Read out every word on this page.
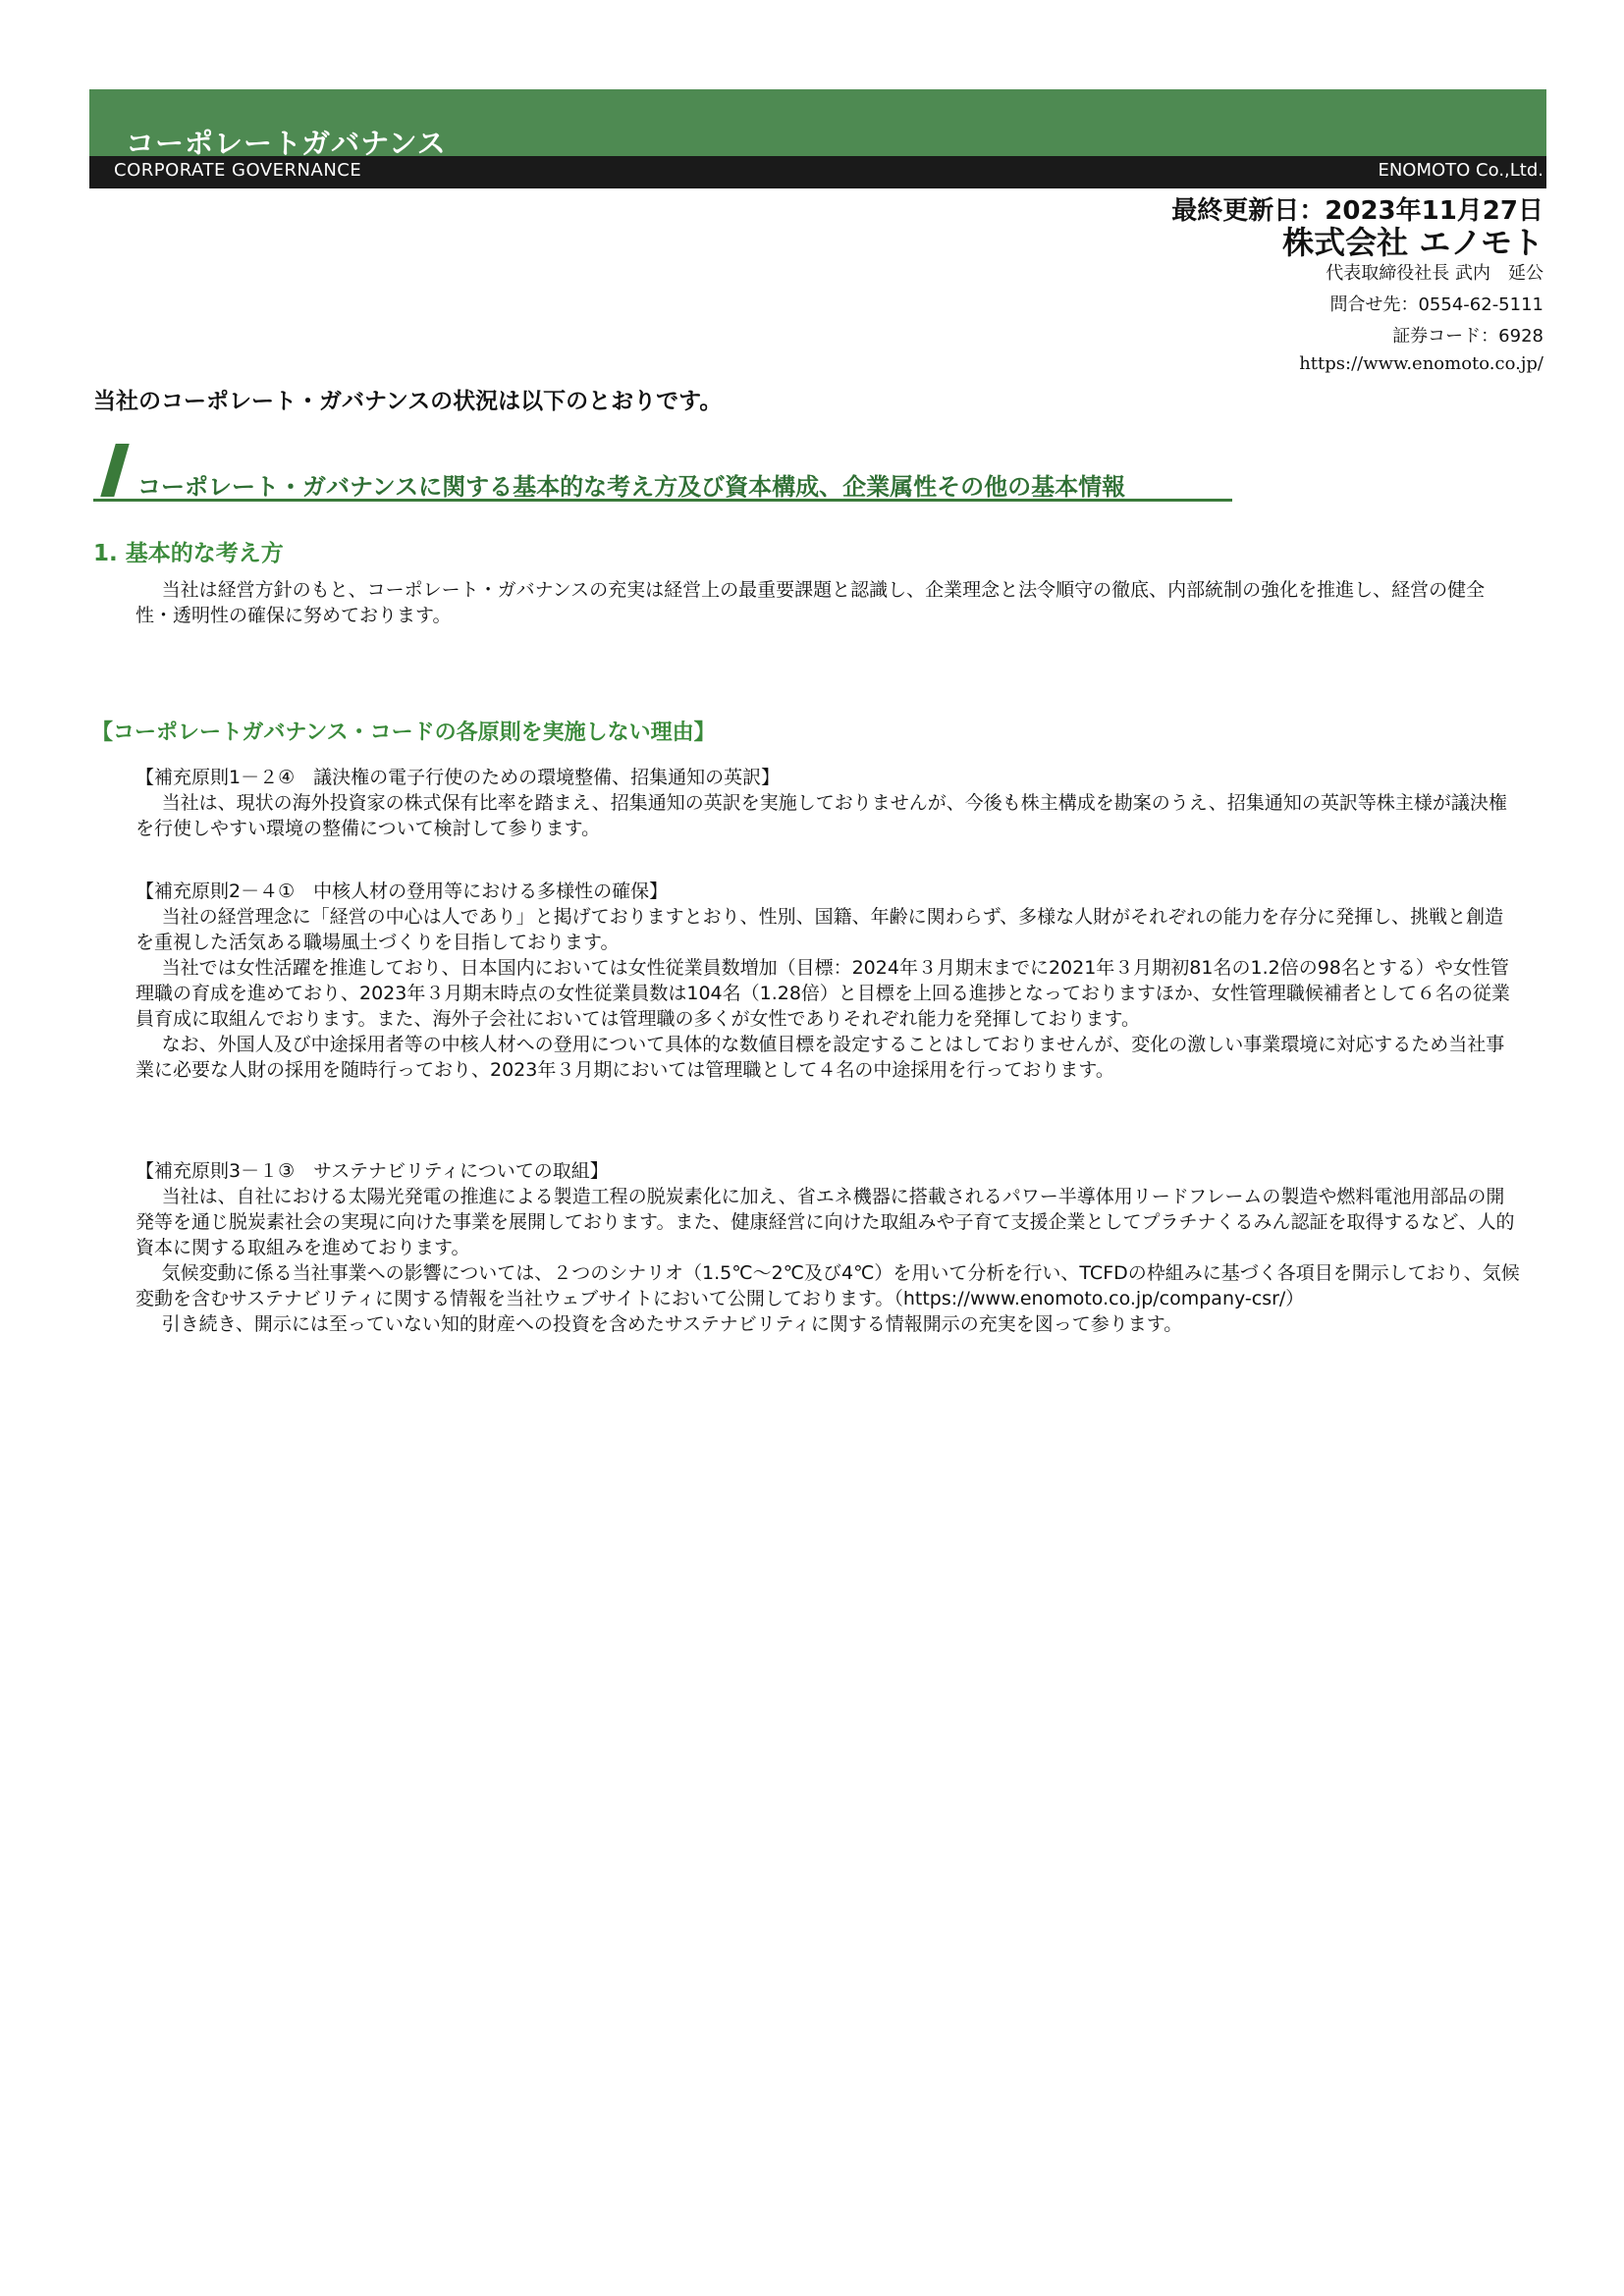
コーポレートガバナンス
CORPORATE GOVERNANCE	ENOMOTO Co.,Ltd.
最終更新日：2023年11月27日
株式会社 エノモト
代表取締役社長 武内　延公
問合せ先：0554-62-5111
証券コード：6928
https://www.enomoto.co.jp/
当社のコーポレート・ガバナンスの状況は以下のとおりです。
コーポレート・ガバナンスに関する基本的な考え方及び資本構成、企業属性その他の基本情報
1. 基本的な考え方
当社は経営方針のもと、コーポレート・ガバナンスの充実は経営上の最重要課題と認識し、企業理念と法令順守の徹底、内部統制の強化を推進し、経営の健全性・透明性の確保に努めております。
【コーポレートガバナンス・コードの各原則を実施しない理由】

【補充原則1－２④　議決権の電子行使のための環境整備、招集通知の英訳】

当社は、現状の海外投資家の株式保有比率を踏まえ、招集通知の英訳を実施しておりませんが、今後も株主構成を勘案のうえ、招集通知の英訳等株主様が議決権を行使しやすい環境の整備について検討して参ります。

【補充原則2－４①　中核人材の登用等における多様性の確保】

当社の経営理念に「経営の中心は人であり」と掲げておりますとおり、性別、国籍、年齢に関わらず、多様な人財がそれぞれの能力を存分に発揮し、挑戦と創造を重視した活気ある職場風土づくりを目指しております。

当社では女性活躍を推進しており、日本国内においては女性従業員数増加（目標：2024年３月期末までに2021年３月期初81名の1.2倍の98名とする）や女性管理職の育成を進めており、2023年３月期末時点の女性従業員数は104名（1.28倍）と目標を上回る進捗となっておりますほか、女性管理職候補者として６名の従業員育成に取組んでおります。また、海外子会社においては管理職の多くが女性でありそれぞれ能力を発揮しております。

なお、外国人及び中途採用者等の中核人材への登用について具体的な数値目標を設定することはしておりませんが、変化の激しい事業環境に対応するため当社事業に必要な人財の採用を随時行っており、2023年３月期においては管理職として４名の中途採用を行っております。

【補充原則3－１③　サステナビリティについての取組】

当社は、自社における太陽光発電の推進による製造工程の脱炭素化に加え、省エネ機器に搭載されるパワー半導体用リードフレームの製造や燃料電池用部品の開発等を通じ脱炭素社会の実現に向けた事業を展開しております。また、健康経営に向けた取組みや子育て支援企業としてプラチナくるみん認証を取得するなど、人的資本に関する取組みを進めております。

気候変動に係る当社事業への影響については、２つのシナリオ（1.5℃～2℃及び4℃）を用いて分析を行い、TCFDの枠組みに基づく各項目を開示しており、気候変動を含むサステナビリティに関する情報を当社ウェブサイトにおいて公開しております。（https://www.enomoto.co.jp/company-csr/）

引き続き、開示には至っていない知的財産への投資を含めたサステナビリティに関する情報開示の充実を図って参ります。
